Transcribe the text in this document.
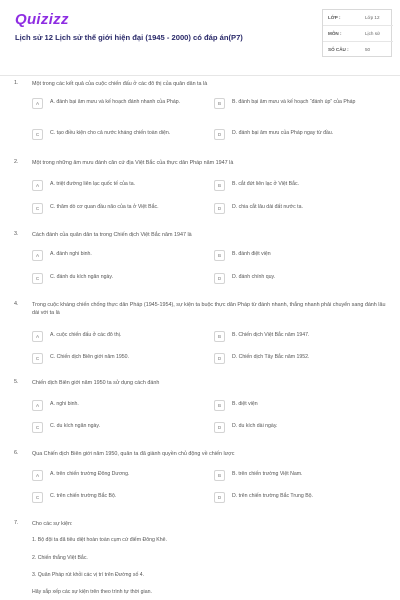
Quizizz
Lịch sử 12 Lịch sử thế giới hiện đại (1945 - 2000) có đáp án(P7)
LỚP :	Lớp 12
MÔN :	Lịch sử
SỐ CÂU :	50
1.	Một trong các kết quả của cuộc chiến đấu ở các đô thị của quân dân ta là
A	A. đánh bại âm mưu và kế hoạch đánh nhanh của Pháp.	B	B. đánh bại âm mưu và kế hoạch “đánh úp” của Pháp
C	C. tạo điều kiện cho cả nước kháng chiến toàn diện.	D	D. đánh bại âm mưu của Pháp ngay từ đầu.
2.	Một trong những âm mưu đánh căn cứ địa Việt Bắc của thực dân Pháp năm 1947 là
A	A. triệt đường liên lạc quốc tế của ta.	B	B. cắt đứt liên lạc ở Việt Bắc.
C	C. thăm dò cơ quan đầu não của ta ở Việt Bắc.	D	D. chia cắt lâu dài đất nước ta.
3.	Cách đánh của quân dân ta trong Chiến dịch Việt Bắc năm 1947 là
A	A. đánh nghi binh.	B	B. đánh điệt viện
C	C. đánh du kích ngăn ngày.	D	D. đánh chính quy.
4.	Trong cuộc kháng chiến chống thực dân Pháp (1945-1954), sự kiện ta buộc thực dân Pháp từ đánh nhanh, thắng nhanh phải chuyển sang đánh lâu dài với ta là
A	A. cuộc chiến đấu ở các đô thị.	B	B. Chiến dịch Việt Bắc năm 1947.
C	C. Chiến dịch Biên giới năm 1950.	D	D. Chiến dịch Tây Bắc năm 1952.
5.	Chiến dịch Biên giới năm 1950 ta sử dụng cách đánh
A	A. nghi binh.	B	B. diệt viện
C	C. du kích ngăn ngày.	D	D. du kích dài ngày.
6.	Qua Chiến dịch Biên giới năm 1950, quân ta đã giành quyền chủ động về chiến lược
A	A. trên chiến trường Đông Dương.	B	B. trên chiến trường Việt Nam.
C	C. trên chiến trường Bắc Bộ.	D	D. trên chiến trường Bắc Trung Bộ.
7.	Cho các sự kiện:
1. Bộ đội ta đã tiêu diệt hoàn toàn cụm cứ điểm Đông Khê.
2. Chiến thắng Việt Bắc.
3. Quân Pháp rút khỏi các vị trí trên Đường số 4.
Hãy sắp xếp các sự kiện trên theo trình tự thời gian.
